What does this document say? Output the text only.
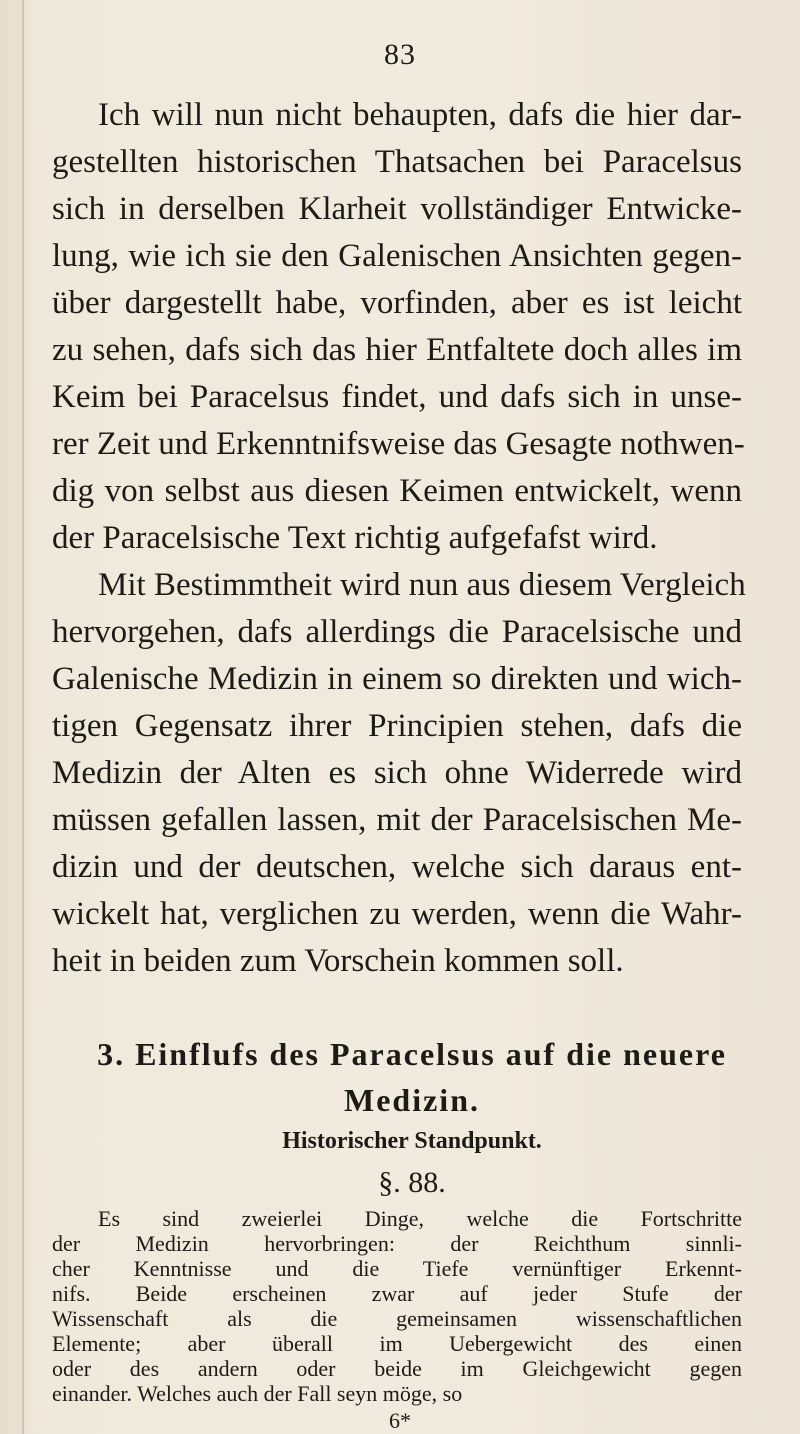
83
Ich will nun nicht behaupten, dafs die hier dar-
gestellten historischen Thatsachen bei Paracelsus
sich in derselben Klarheit vollständiger Entwicke-
lung, wie ich sie den Galenischen Ansichten gegen-
über dargestellt habe, vorfinden, aber es ist leicht
zu sehen, dafs sich das hier Entfaltete doch alles im
Keim bei Paracelsus findet, und dafs sich in unse-
rer Zeit und Erkenntnifsweise das Gesagte nothwen-
dig von selbst aus diesen Keimen entwickelt, wenn
der Paracelsische Text richtig aufgefafst wird.
Mit Bestimmtheit wird nun aus diesem Vergleich
hervorgehen, dafs allerdings die Paracelsische und
Galenische Medizin in einem so direkten und wich-
tigen Gegensatz ihrer Principien stehen, dafs die
Medizin der Alten es sich ohne Widerrede wird
müssen gefallen lassen, mit der Paracelsischen Me-
dizin und der deutschen, welche sich daraus ent-
wickelt hat, verglichen zu werden, wenn die Wahr-
heit in beiden zum Vorschein kommen soll.
3. Einflufs des Paracelsus auf die neuere
Medizin.
Historischer Standpunkt.
§. 88.
Es sind zweierlei Dinge, welche die Fortschritte
der Medizin hervorbringen: der Reichthum sinnli-
cher Kenntnisse und die Tiefe vernünftiger Erkennt-
nifs. Beide erscheinen zwar auf jeder Stufe der
Wissenschaft als die gemeinsamen wissenschaftlichen
Elemente; aber überall im Uebergewicht des einen
oder des andern oder beide im Gleichgewicht gegen
einander. Welches auch der Fall seyn möge, so
6*
